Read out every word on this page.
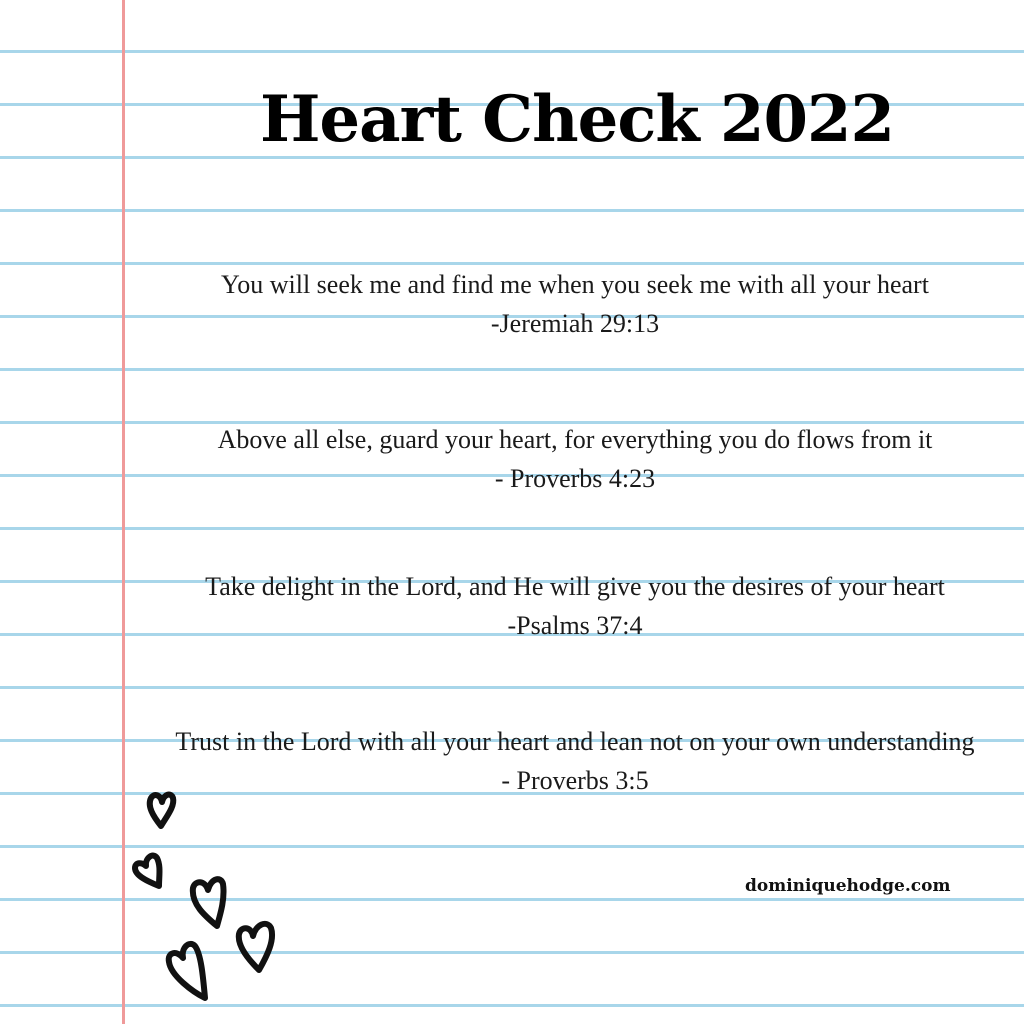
Heart Check 2022
You will seek me and find me when you seek me with all your heart
-Jeremiah 29:13
Above all else, guard your heart, for everything you do flows from it
- Proverbs 4:23
Take delight in the Lord, and He will give you the desires of your heart
-Psalms 37:4
Trust in the Lord with all your heart and lean not on your own understanding
- Proverbs 3:5
dominiquehodge.com
